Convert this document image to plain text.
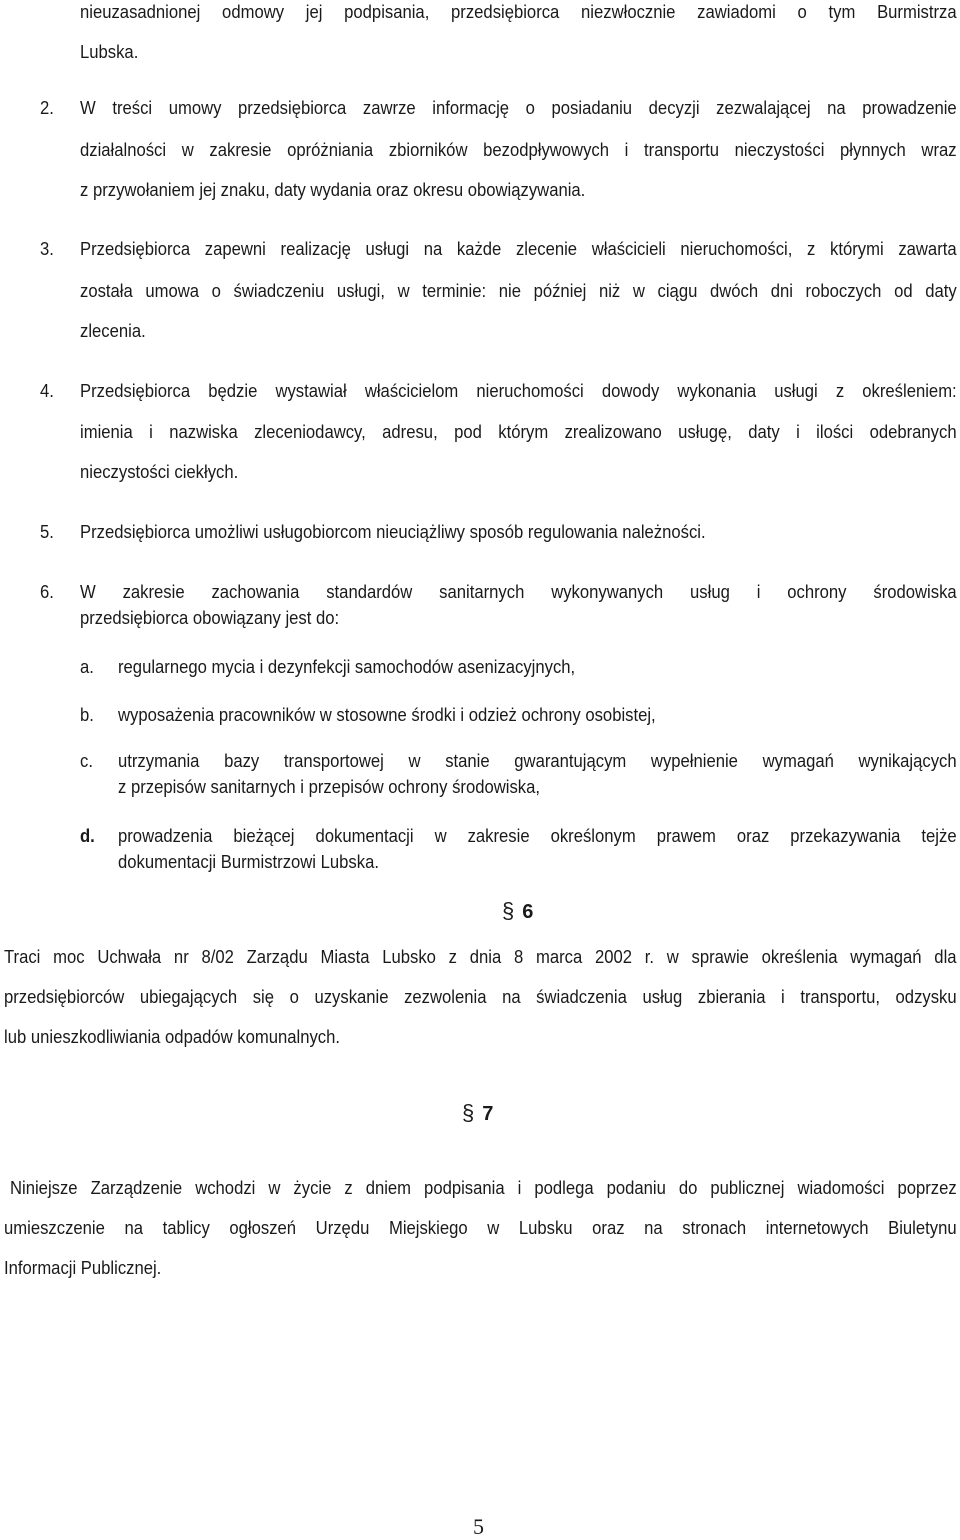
nieuzasadnionej odmowy jej podpisania, przedsiębiorca niezwłocznie zawiadomi o tym Burmistrza
Lubska.
2. W treści umowy przedsiębiorca zawrze informację o posiadaniu decyzji zezwalającej na prowadzenie
działalności w zakresie opróżniania zbiorników bezodpływowych i transportu nieczystości płynnych wraz
z przywołaniem jej znaku, daty wydania oraz okresu obowiązywania.
3. Przedsiębiorca zapewni realizację usługi na każde zlecenie właścicieli nieruchomości, z którymi zawarta
została umowa o świadczeniu usługi, w terminie: nie później niż w ciągu dwóch dni roboczych od daty
zlecenia.
4. Przedsiębiorca będzie wystawiał właścicielom nieruchomości dowody wykonania usługi z określeniem:
imienia i nazwiska zleceniodawcy, adresu, pod którym zrealizowano usługę, daty i ilości odebranych
nieczystości ciekłych.
5. Przedsiębiorca umożliwi usługobiorcom nieuciążliwy sposób regulowania należności.
6. W zakresie zachowania standardów sanitarnych wykonywanych usług i ochrony środowiska
przedsiębiorca obowiązany jest do:
a. regularnego mycia i dezynfekcji samochodów asenizacyjnych,
b. wyposażenia pracowników w stosowne środki i odzież ochrony osobistej,
c. utrzymania bazy transportowej w stanie gwarantującym wypełnienie wymagań wynikających
z przepisów sanitarnych i przepisów ochrony środowiska,
d. prowadzenia bieżącej dokumentacji w zakresie określonym prawem oraz przekazywania tejże
dokumentacji Burmistrzowi Lubska.
§ 6
Traci moc Uchwała nr 8/02 Zarządu Miasta Lubsko z dnia 8 marca 2002 r. w sprawie określenia wymagań dla
przedsiębiorców ubiegających się o uzyskanie zezwolenia na świadczenia usług zbierania i transportu, odzysku
lub unieszkodliwiania odpadów komunalnych.
§ 7
Niniejsze Zarządzenie wchodzi w życie z dniem podpisania i podlega podaniu do publicznej wiadomości poprzez
umieszczenie na tablicy ogłoszeń Urzędu Miejskiego w Lubsku oraz na stronach internetowych Biuletynu
Informacji Publicznej.
5
